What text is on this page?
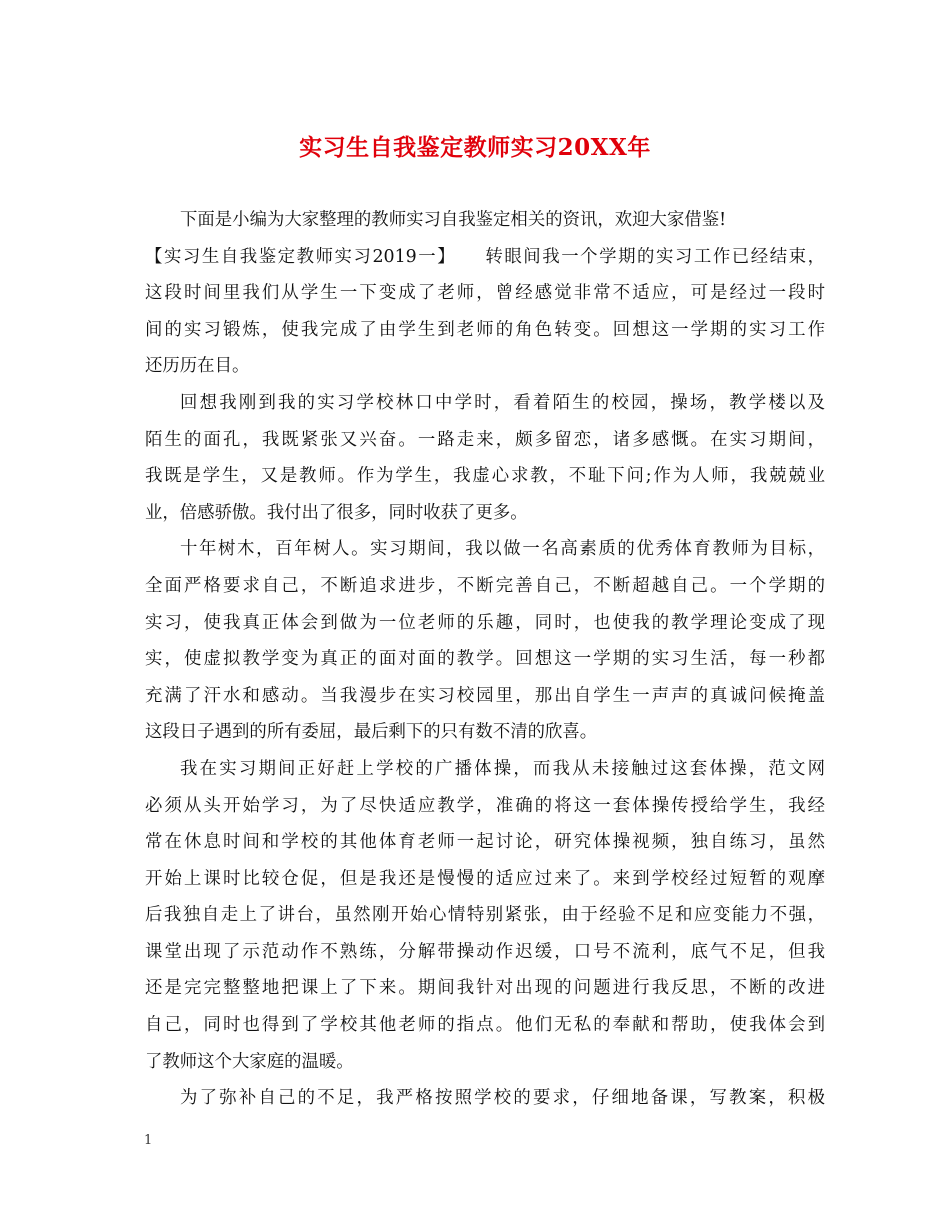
实习生自我鉴定教师实习20XX年
下面是小编为大家整理的教师实习自我鉴定相关的资讯，欢迎大家借鉴!
【实习生自我鉴定教师实习2019一】　　转眼间我一个学期的实习工作已经结束，
这段时间里我们从学生一下变成了老师，曾经感觉非常不适应，可是经过一段时
间的实习锻炼，使我完成了由学生到老师的角色转变。回想这一学期的实习工作
还历历在目。
回想我刚到我的实习学校林口中学时，看着陌生的校园，操场，教学楼以及
陌生的面孔，我既紧张又兴奋。一路走来，颇多留恋，诸多感慨。在实习期间，
我既是学生，又是教师。作为学生，我虚心求教，不耻下问;作为人师，我兢兢业
业，倍感骄傲。我付出了很多，同时收获了更多。
十年树木，百年树人。实习期间，我以做一名高素质的优秀体育教师为目标，
全面严格要求自己，不断追求进步，不断完善自己，不断超越自己。一个学期的
实习，使我真正体会到做为一位老师的乐趣，同时，也使我的教学理论变成了现
实，使虚拟教学变为真正的面对面的教学。回想这一学期的实习生活，每一秒都
充满了汗水和感动。当我漫步在实习校园里，那出自学生一声声的真诚问候掩盖
这段日子遇到的所有委屈，最后剩下的只有数不清的欣喜。
我在实习期间正好赶上学校的广播体操，而我从未接触过这套体操，范文网
必须从头开始学习，为了尽快适应教学，准确的将这一套体操传授给学生，我经
常在休息时间和学校的其他体育老师一起讨论，研究体操视频，独自练习，虽然
开始上课时比较仓促，但是我还是慢慢的适应过来了。来到学校经过短暂的观摩
后我独自走上了讲台，虽然刚开始心情特别紧张，由于经验不足和应变能力不强，
课堂出现了示范动作不熟练，分解带操动作迟缓，口号不流利，底气不足，但我
还是完完整整地把课上了下来。期间我针对出现的问题进行我反思，不断的改进
自己，同时也得到了学校其他老师的指点。他们无私的奉献和帮助，使我体会到
了教师这个大家庭的温暖。
为了弥补自己的不足，我严格按照学校的要求，仔细地备课，写教案，积极
1
